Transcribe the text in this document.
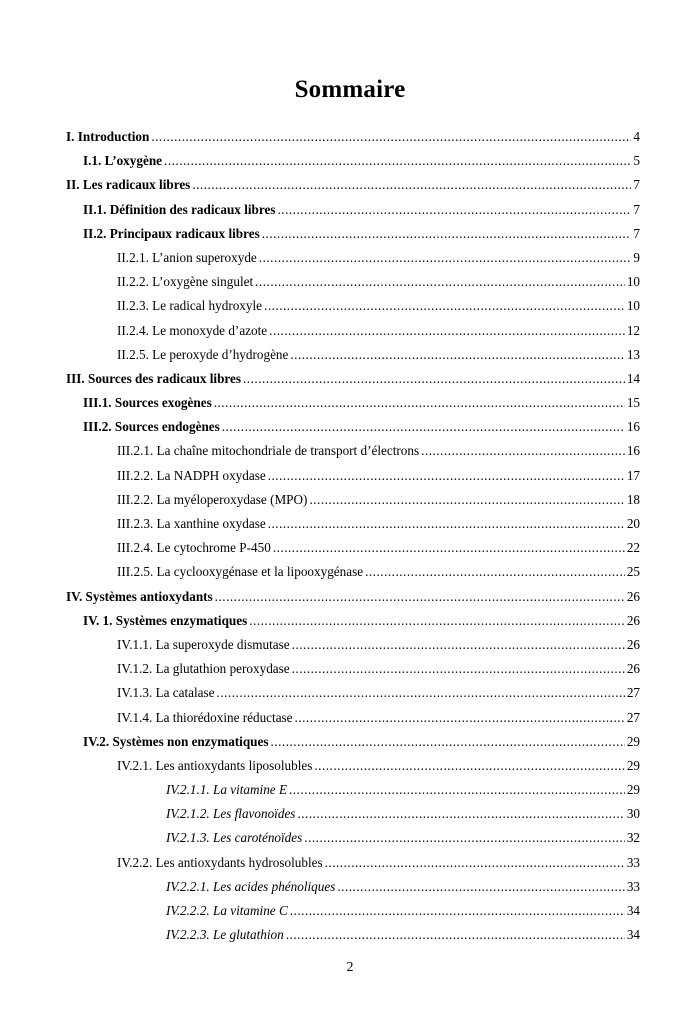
Sommaire
I. Introduction .....	4
I.1. L’oxygène .....	5
II. Les radicaux libres .....	7
II.1. Définition des radicaux libres .....	7
II.2. Principaux radicaux libres .....	7
II.2.1. L’anion superoxyde .....	9
II.2.2. L’oxygène singulet .....	10
II.2.3. Le radical hydroxyle .....	10
II.2.4. Le monoxyde d’azote .....	12
II.2.5. Le peroxyde d’hydrogène .....	13
III. Sources des radicaux libres .....	14
III.1. Sources exogènes .....	15
III.2. Sources endogènes .....	16
III.2.1. La chaîne mitochondriale de transport d’électrons .....	16
III.2.2. La NADPH oxydase .....	17
III.2.2. La myéloperoxydase (MPO) .....	18
III.2.3. La xanthine oxydase .....	20
III.2.4. Le cytochrome P-450 .....	22
III.2.5. La cyclooxygénase et la lipooxygénase .....	25
IV. Systèmes antioxydants .....	26
IV. 1. Systèmes enzymatiques .....	26
IV.1.1. La superoxyde dismutase .....	26
IV.1.2. La glutathion peroxydase .....	26
IV.1.3. La catalase .....	27
IV.1.4. La thiorédoxine réductase .....	27
IV.2. Systèmes non enzymatiques .....	29
IV.2.1. Les antioxydants liposolubles .....	29
IV.2.1.1. La vitamine E .....	29
IV.2.1.2. Les flavonoïdes .....	30
IV.2.1.3. Les caroténoïdes .....	32
IV.2.2. Les antioxydants hydrosolubles .....	33
IV.2.2.1. Les acides phénoliques .....	33
IV.2.2.2. La vitamine C .....	34
IV.2.2.3. Le glutathion .....	34
2
